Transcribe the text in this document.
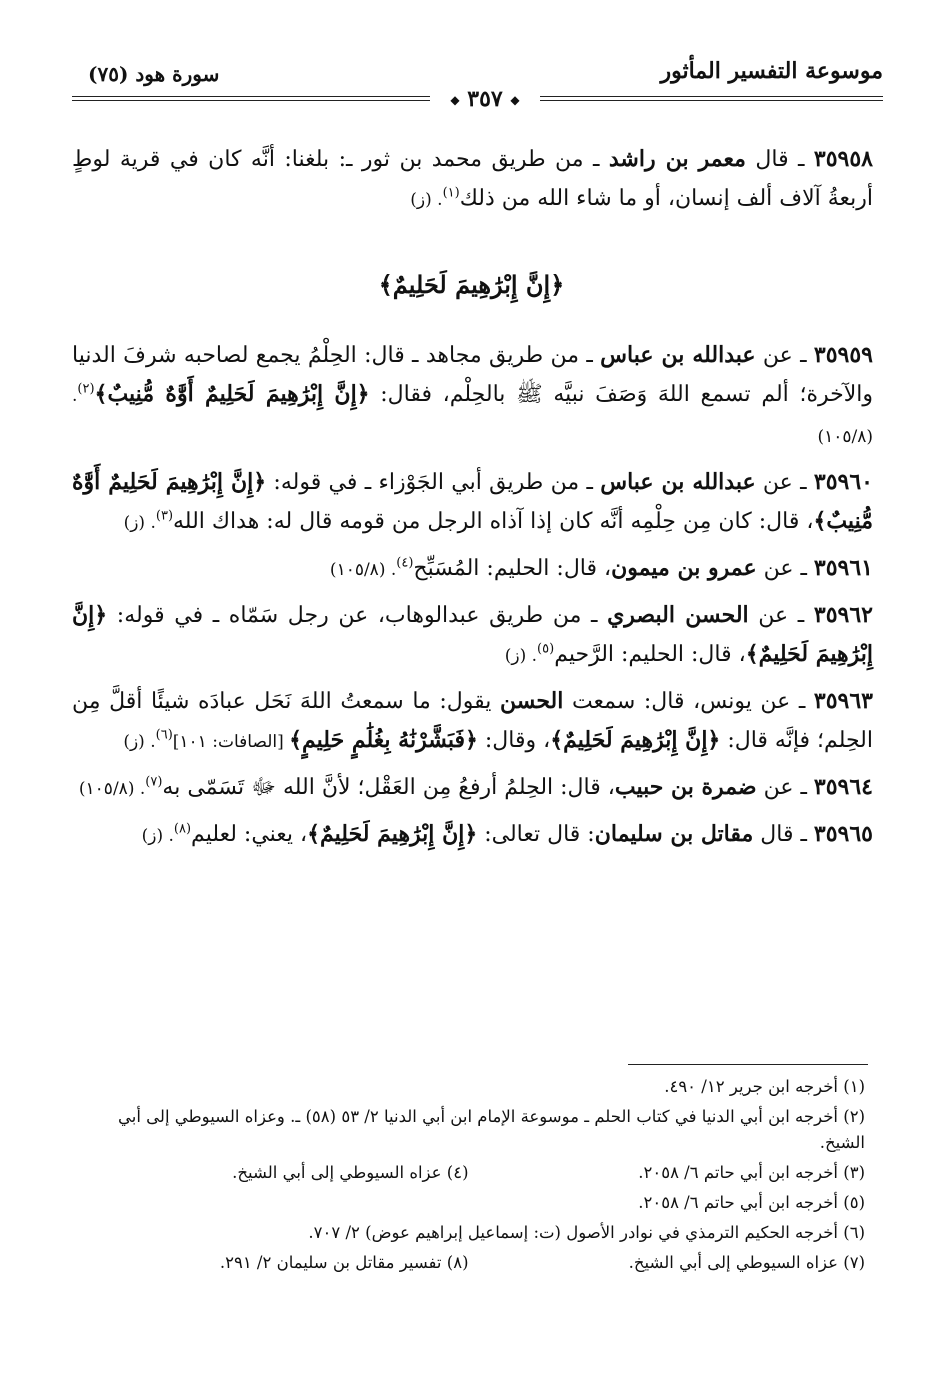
موسوعة التفسير المأثور
سورة هود (٧٥)
◆ ٣٥٧ ◆

٣٥٩٥٨ ـ قال معمر بن راشد ـ من طريق محمد بن ثور ـ: بلغنا: أنَّه كان في قرية لوطٍ أربعةُ آلاف ألف إنسان، أو ما شاء الله من ذلك$^{(١)}$. (ز)

﴿إِنَّ إِبْرَٰهِيمَ لَحَلِيمٌ﴾

٣٥٩٥٩ ـ عن عبدالله بن عباس ـ من طريق مجاهد ـ قال: الحِلْمُ يجمع لصاحبه شرفَ الدنيا والآخرة؛ ألم تسمع اللهَ وَصَفَ نبيَّه ﷺ بالحِلْم، فقال: ﴿إِنَّ إِبْرَٰهِيمَ لَحَلِيمٌ أَوَّٰهٌ مُّنِيبٌ﴾$^{(٢)}$. (١٠٥/٨)

٣٥٩٦٠ ـ عن عبدالله بن عباس ـ من طريق أبي الجَوْزاء ـ في قوله: ﴿إِنَّ إِبْرَٰهِيمَ لَحَلِيمٌ أَوَّٰهٌ مُّنِيبٌ﴾، قال: كان مِن حِلْمِه أنَّه كان إذا آذاه الرجل من قومه قال له: هداك الله$^{(٣)}$. (ز)

٣٥٩٦١ ـ عن عمرو بن ميمون، قال: الحليم: المُسَبِّح$^{(٤)}$. (١٠٥/٨)

٣٥٩٦٢ ـ عن الحسن البصري ـ من طريق عبدالوهاب، عن رجل سَمّاه ـ في قوله: ﴿إِنَّ إِبْرَٰهِيمَ لَحَلِيمٌ﴾، قال: الحليم: الرَّحيم$^{(٥)}$. (ز)

٣٥٩٦٣ ـ عن يونس، قال: سمعت الحسن يقول: ما سمعتُ اللهَ نَحَل عبادَه شيئًا أقلَّ مِن الحِلم؛ فإنَّه قال: ﴿إِنَّ إِبْرَٰهِيمَ لَحَلِيمٌ﴾، وقال: ﴿فَبَشَّرْنَٰهُ بِغُلَٰمٍ حَلِيمٍ﴾ [الصافات: ١٠١]$^{(٦)}$. (ز)

٣٥٩٦٤ ـ عن ضمرة بن حبيب، قال: الحِلمُ أرفعُ مِن العَقْل؛ لأنَّ الله ﷻ تَسَمّى به$^{(٧)}$. (١٠٥/٨)

٣٥٩٦٥ ـ قال مقاتل بن سليمان: قال تعالى: ﴿إِنَّ إِبْرَٰهِيمَ لَحَلِيمٌ﴾، يعني: لعليم$^{(٨)}$. (ز)

(١) أخرجه ابن جرير ١٢/ ٤٩٠.

(٢) أخرجه ابن أبي الدنيا في كتاب الحلم ـ موسوعة الإمام ابن أبي الدنيا ٢/ ٥٣ (٥٨) ـ. وعزاه السيوطي إلى أبي الشيخ.

(٣) أخرجه ابن أبي حاتم ٦/ ٢٠٥٨.
(٤) عزاه السيوطي إلى أبي الشيخ.

(٥) أخرجه ابن أبي حاتم ٦/ ٢٠٥٨.

(٦) أخرجه الحكيم الترمذي في نوادر الأصول (ت: إسماعيل إبراهيم عوض) ٢/ ٧٠٧.

(٧) عزاه السيوطي إلى أبي الشيخ.
(٨) تفسير مقاتل بن سليمان ٢/ ٢٩١.
